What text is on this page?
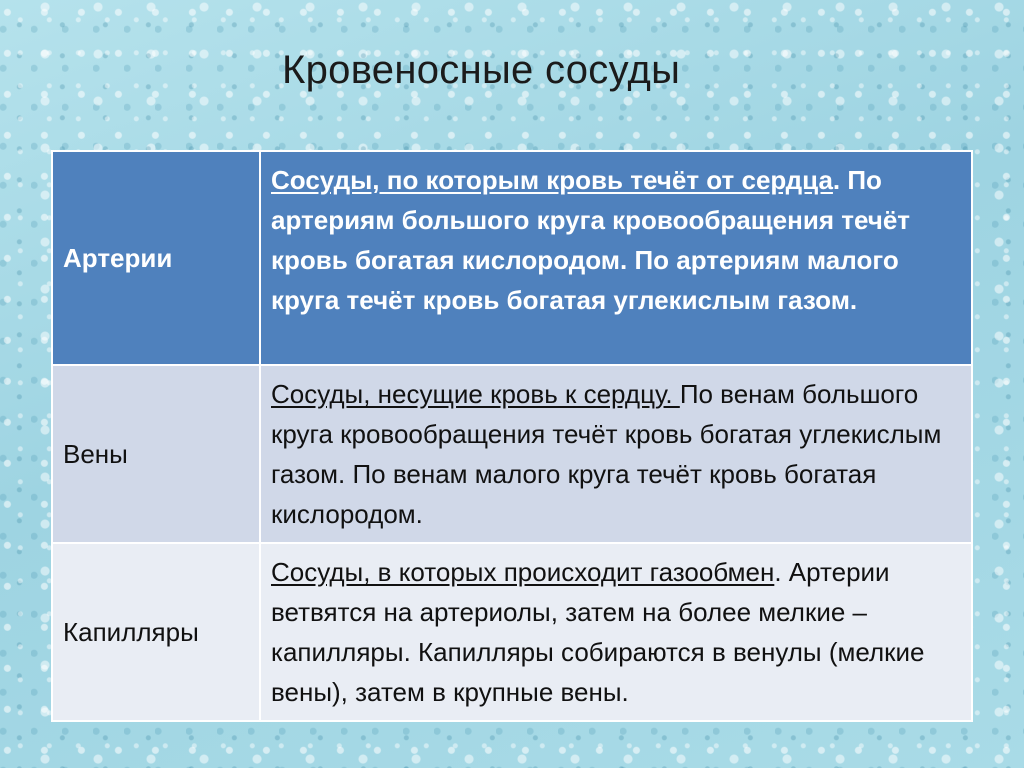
Кровеносные сосуды
Артерии	Сосуды, по которым кровь течёт от сердца. По артериям большого круга кровообращения течёт кровь богатая кислородом. По артериям малого круга течёт кровь богатая углекислым газом.
Вены	Сосуды, несущие кровь к сердцу. По венам большого круга кровообращения течёт кровь богатая углекислым газом. По венам малого круга течёт кровь богатая кислородом.
Капилляры	Сосуды, в которых происходит газообмен. Артерии ветвятся на артериолы, затем на более мелкие – капилляры. Капилляры собираются в венулы (мелкие вены), затем в крупные вены.
